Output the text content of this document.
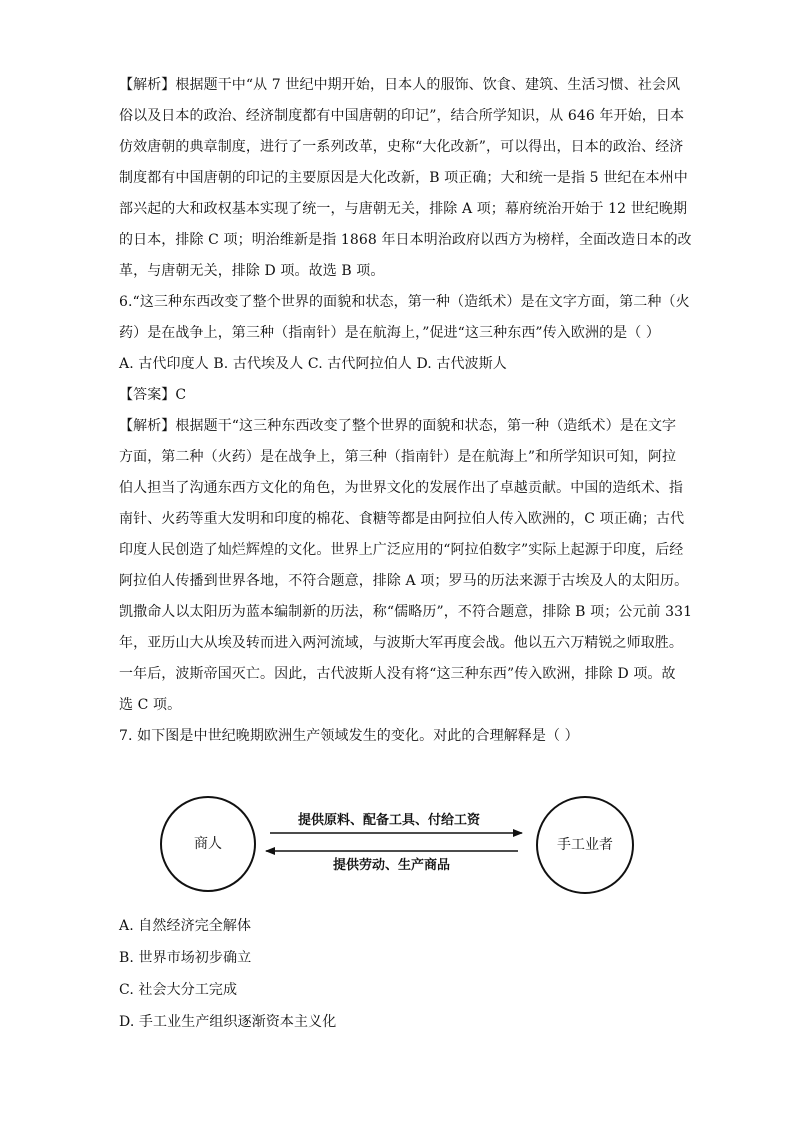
【解析】根据题干中“从 7 世纪中期开始，日本人的服饰、饮食、建筑、生活习惯、社会风
俗以及日本的政治、经济制度都有中国唐朝的印记”，结合所学知识，从 646 年开始，日本
仿效唐朝的典章制度，进行了一系列改革，史称“大化改新”，可以得出，日本的政治、经济
制度都有中国唐朝的印记的主要原因是大化改新，B 项正确；大和统一是指 5 世纪在本州中
部兴起的大和政权基本实现了统一，与唐朝无关，排除 A 项；幕府统治开始于 12 世纪晚期
的日本，排除 C 项；明治维新是指 1868 年日本明治政府以西方为榜样，全面改造日本的改
革，与唐朝无关，排除 D 项。故选 B 项。
6.“这三种东西改变了整个世界的面貌和状态，第一种（造纸术）是在文字方面，第二种（火
药）是在战争上，第三种（指南针）是在航海上，”促进“这三种东西”传入欧洲的是（ ）
A. 古代印度人 B. 古代埃及人 C. 古代阿拉伯人 D. 古代波斯人
【答案】C
【解析】根据题干“这三种东西改变了整个世界的面貌和状态，第一种（造纸术）是在文字
方面，第二种（火药）是在战争上，第三种（指南针）是在航海上”和所学知识可知，阿拉
伯人担当了沟通东西方文化的角色，为世界文化的发展作出了卓越贡献。中国的造纸术、指
南针、火药等重大发明和印度的棉花、食糖等都是由阿拉伯人传入欧洲的，C 项正确；古代
印度人民创造了灿烂辉煌的文化。世界上广泛应用的“阿拉伯数字”实际上起源于印度，后经
阿拉伯人传播到世界各地，不符合题意，排除 A 项；罗马的历法来源于古埃及人的太阳历。
凯撒命人以太阳历为蓝本编制新的历法，称“儒略历”，不符合题意，排除 B 项；公元前 331
年，亚历山大从埃及转而进入两河流域，与波斯大军再度会战。他以五六万精锐之师取胜。
一年后，波斯帝国灭亡。因此，古代波斯人没有将“这三种东西”传入欧洲，排除 D 项。故
选 C 项。
7. 如下图是中世纪晚期欧洲生产领域发生的变化。对此的合理解释是（ ）
商人	手工业者
提供原料、配备工具、付给工资
提供劳动、生产商品
A. 自然经济完全解体
B. 世界市场初步确立
C. 社会大分工完成
D. 手工业生产组织逐渐资本主义化
